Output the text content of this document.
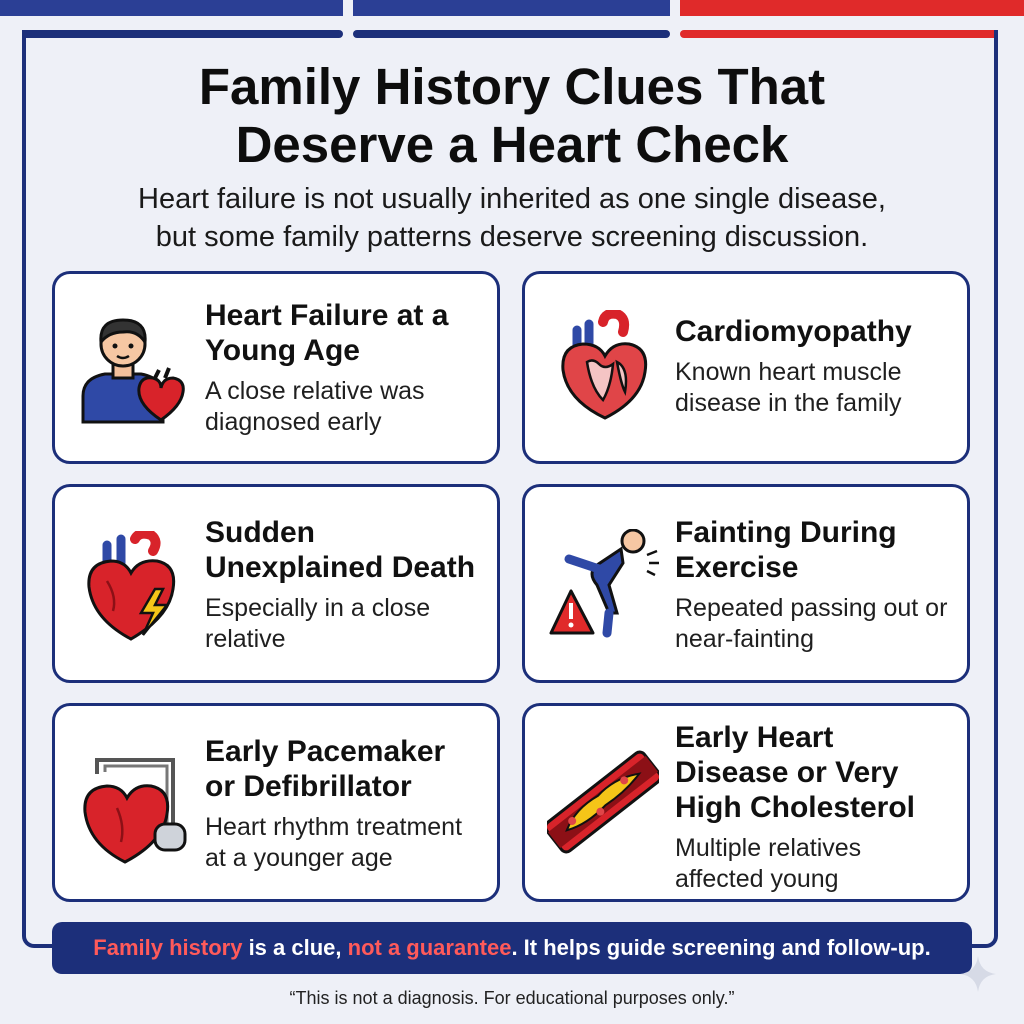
Family History Clues That
Deserve a Heart Check

Heart failure is not usually inherited as one single disease,
but some family patterns deserve screening discussion.

Heart Failure at a Young Age
A close relative was diagnosed early
Cardiomyopathy
Known heart muscle disease in the family
Sudden Unexplained Death
Especially in a close relative
Fainting During Exercise
Repeated passing out or near-fainting
Early Pacemaker or Defibrillator
Heart rhythm treatment at a younger age
Early Heart Disease or Very High Cholesterol
Multiple relatives affected young
Family history is a clue, not a guarantee. It helps guide screening and follow-up.
“This is not a diagnosis. For educational purposes only.”
